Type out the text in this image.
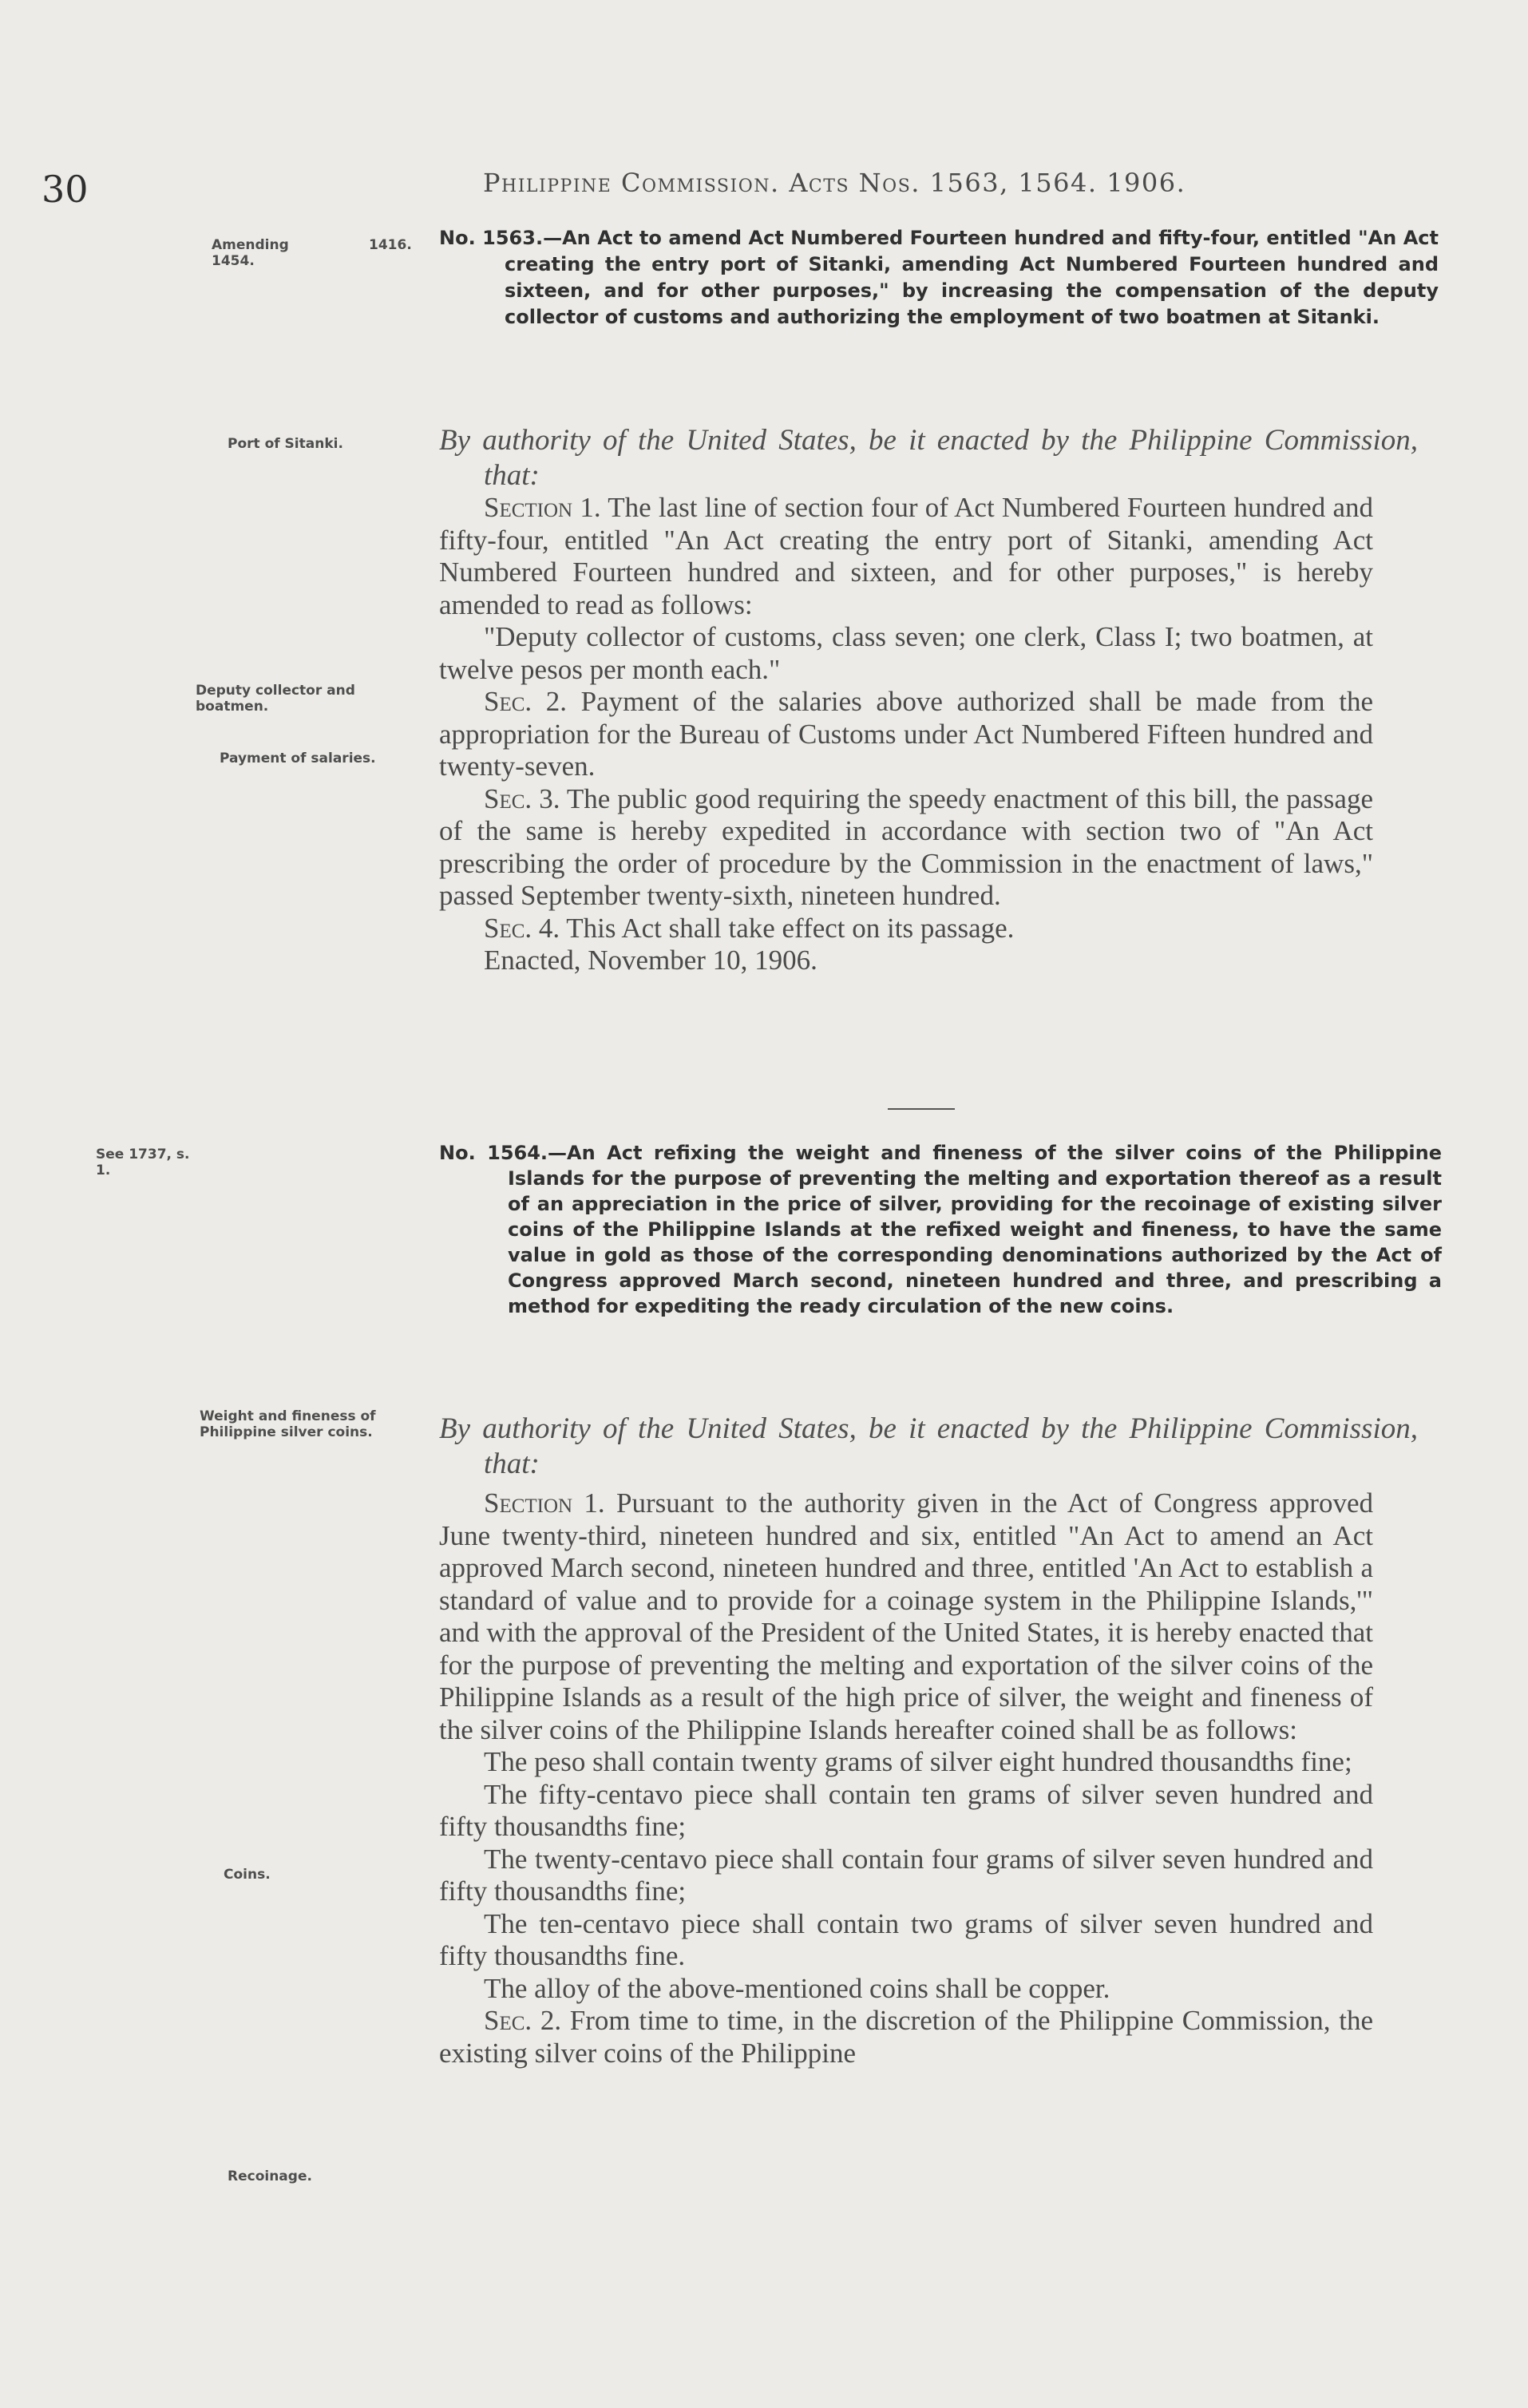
30	Philippine Commission. Acts Nos. 1563, 1564. 1906.

Amending 1454.

1416.

Port of Sitanki.

Deputy collector and boatmen.

Payment of salaries.

See 1737, s. 1.

Weight and fineness of Philippine silver coins.

Coins.

Recoinage.

No. 1563.—An Act to amend Act Numbered Fourteen hundred and fifty-four, entitled "An Act creating the entry port of Sitanki, amending Act Numbered Fourteen hundred and sixteen, and for other purposes," by increasing the compensation of the deputy collector of customs and authorizing the employment of two boatmen at Sitanki.

By authority of the United States, be it enacted by the Philippine Commission, that:

Section 1. The last line of section four of Act Numbered Fourteen hundred and fifty-four, entitled "An Act creating the entry port of Sitanki, amending Act Numbered Fourteen hundred and sixteen, and for other purposes," is hereby amended to read as follows:

"Deputy collector of customs, class seven; one clerk, Class I; two boatmen, at twelve pesos per month each."

Sec. 2. Payment of the salaries above authorized shall be made from the appropriation for the Bureau of Customs under Act Numbered Fifteen hundred and twenty-seven.

Sec. 3. The public good requiring the speedy enactment of this bill, the passage of the same is hereby expedited in accordance with section two of "An Act prescribing the order of procedure by the Commission in the enactment of laws," passed September twenty-sixth, nineteen hundred.

Sec. 4. This Act shall take effect on its passage.

Enacted, November 10, 1906.

No. 1564.—An Act refixing the weight and fineness of the silver coins of the Philippine Islands for the purpose of preventing the melting and exportation thereof as a result of an appreciation in the price of silver, providing for the recoinage of existing silver coins of the Philippine Islands at the refixed weight and fineness, to have the same value in gold as those of the corresponding denominations authorized by the Act of Congress approved March second, nineteen hundred and three, and prescribing a method for expediting the ready circulation of the new coins.

By authority of the United States, be it enacted by the Philippine Commission, that:

Section 1. Pursuant to the authority given in the Act of Congress approved June twenty-third, nineteen hundred and six, entitled "An Act to amend an Act approved March second, nineteen hundred and three, entitled 'An Act to establish a standard of value and to provide for a coinage system in the Philippine Islands,'" and with the approval of the President of the United States, it is hereby enacted that for the purpose of preventing the melting and exportation of the silver coins of the Philippine Islands as a result of the high price of silver, the weight and fineness of the silver coins of the Philippine Islands hereafter coined shall be as follows:

The peso shall contain twenty grams of silver eight hundred thousandths fine;

The fifty-centavo piece shall contain ten grams of silver seven hundred and fifty thousandths fine;

The twenty-centavo piece shall contain four grams of silver seven hundred and fifty thousandths fine;

The ten-centavo piece shall contain two grams of silver seven hundred and fifty thousandths fine.

The alloy of the above-mentioned coins shall be copper.

Sec. 2. From time to time, in the discretion of the Philippine Commission, the existing silver coins of the Philippine
